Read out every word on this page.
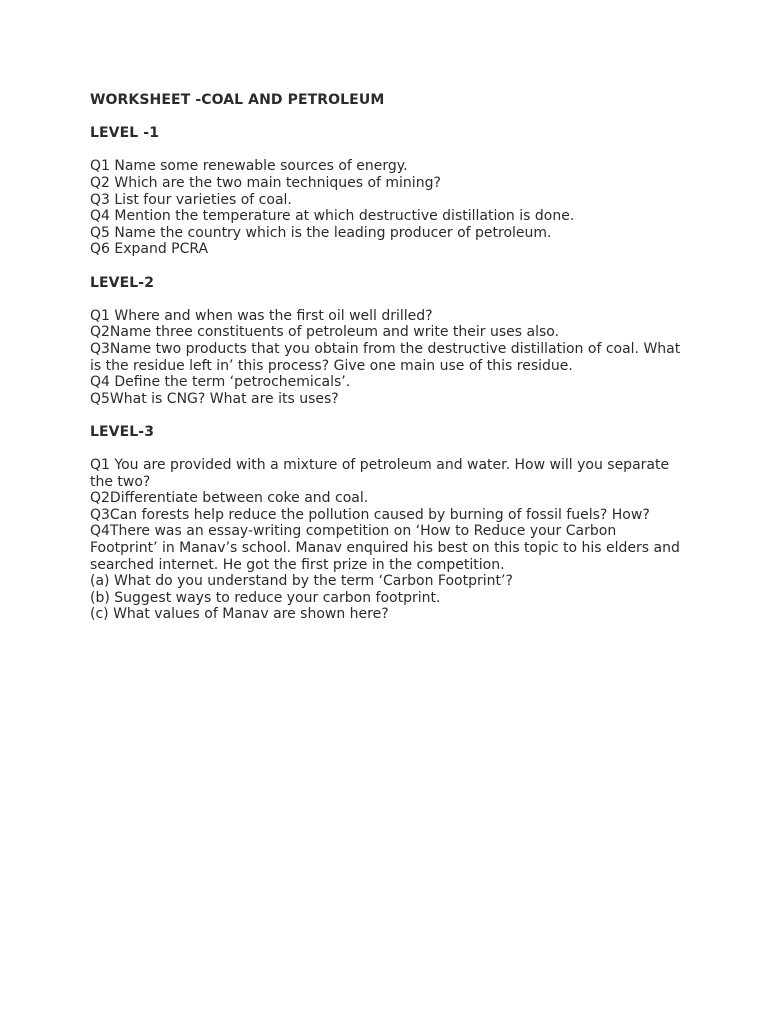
WORKSHEET -COAL AND PETROLEUM

LEVEL -1

Q1 Name some renewable sources of energy.

Q2 Which are the two main techniques of mining?

Q3 List four varieties of coal.

Q4 Mention the temperature at which destructive distillation is done.

Q5 Name the country which is the leading producer of petroleum.

Q6 Expand PCRA

LEVEL-2

Q1 Where and when was the first oil well drilled?

Q2Name three constituents of petroleum and write their uses also.

Q3Name two products that you obtain from the destructive distillation of coal. What is the residue left in’ this process? Give one main use of this residue.

Q4 Define the term ‘petrochemicals’.

Q5What is CNG? What are its uses?

LEVEL-3

Q1 You are provided with a mixture of petroleum and water. How will you separate the two?

Q2Differentiate between coke and coal.

Q3Can forests help reduce the pollution caused by burning of fossil fuels? How?

Q4There was an essay-writing competition on ‘How to Reduce your Carbon Footprint’ in Manav’s school. Manav enquired his best on this topic to his elders and searched internet. He got the first prize in the competition.

(a) What do you understand by the term ‘Carbon Footprint’?

(b) Suggest ways to reduce your carbon footprint.

(c) What values of Manav are shown here?
